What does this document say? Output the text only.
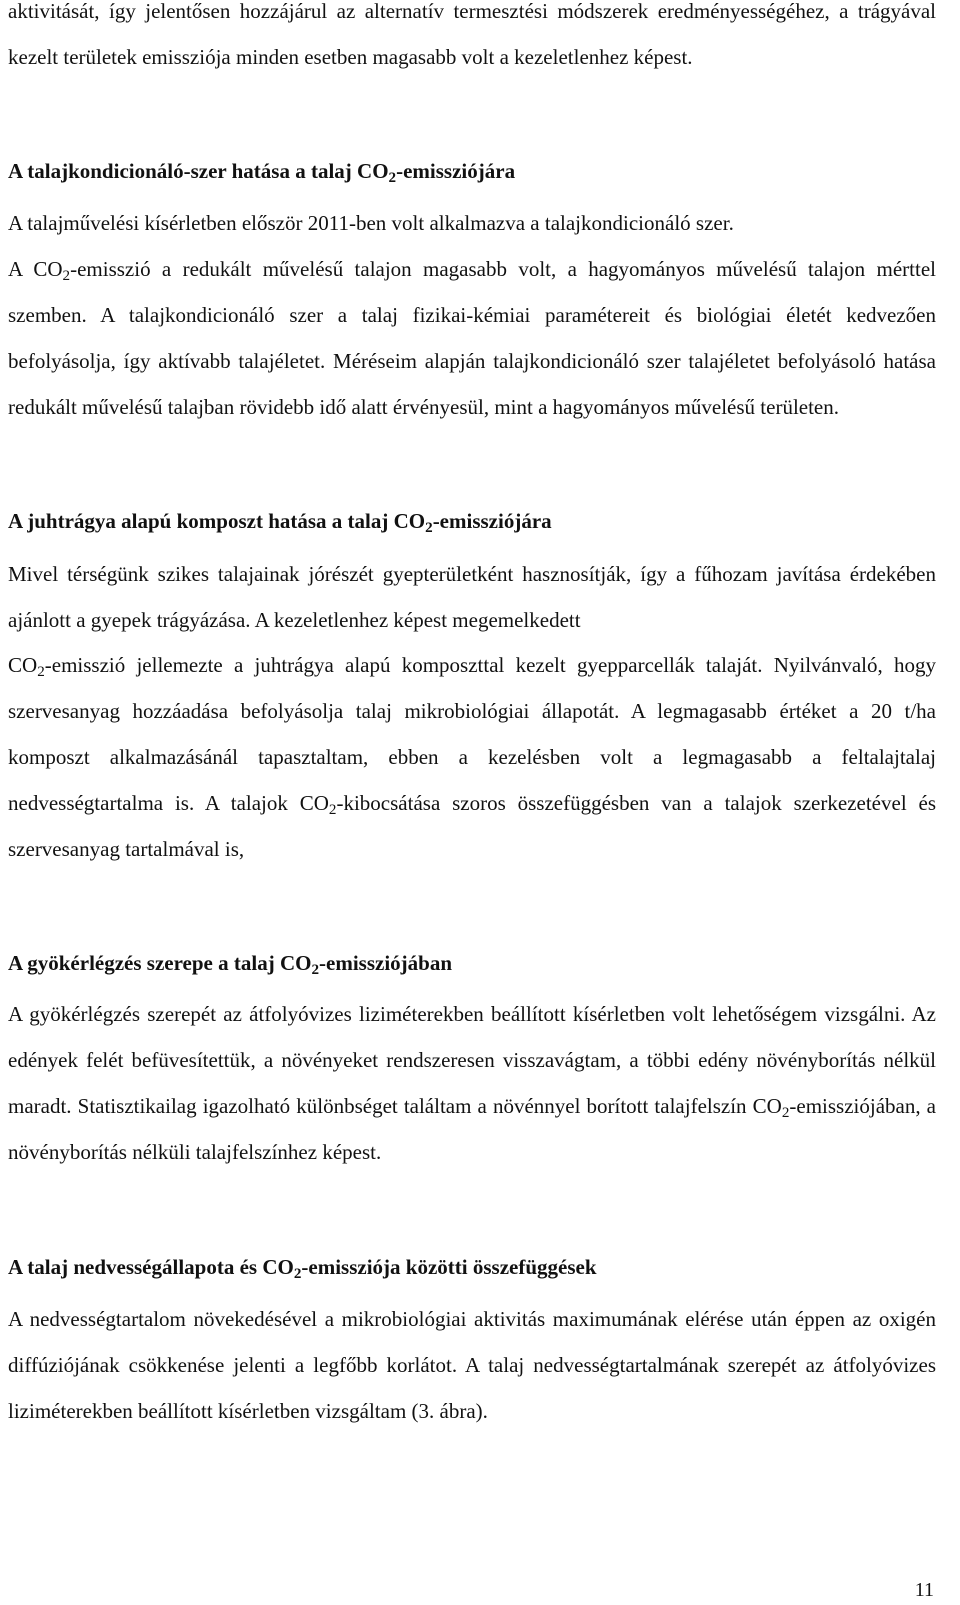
aktivitását, így jelentősen hozzájárul az alternatív termesztési módszerek eredményességéhez, a trágyával kezelt területek emissziója minden esetben magasabb volt a kezeletlenhez képest.

A talajkondicionáló-szer hatása a talaj $CO_2$-emissziójára

A talajművelési kísérletben először 2011-ben volt alkalmazva a talajkondicionáló szer.

A $CO_2$-emisszió a redukált művelésű talajon magasabb volt, a hagyományos művelésű talajon mérttel szemben. A talajkondicionáló szer a talaj fizikai-kémiai paramétereit és biológiai életét kedvezően befolyásolja, így aktívabb talajéletet. Méréseim alapján talajkondicionáló szer talajéletet befolyásoló hatása redukált művelésű talajban rövidebb idő alatt érvényesül, mint a hagyományos művelésű területen.

A juhtrágya alapú komposzt hatása a talaj $CO_2$-emissziójára

Mivel térségünk szikes talajainak jórészét gyepterületként hasznosítják, így a fűhozam javítása érdekében ajánlott a gyepek trágyázása. A kezeletlenhez képest megemelkedett

$CO_2$-emisszió jellemezte a juhtrágya alapú komposzttal kezelt gyepparcellák talaját. Nyilvánvaló, hogy szervesanyag hozzáadása befolyásolja talaj mikrobiológiai állapotát. A legmagasabb értéket a 20 t/ha komposzt alkalmazásánál tapasztaltam, ebben a kezelésben volt a legmagasabb a feltalajtalaj nedvességtartalma is. A talajok $CO_2$-kibocsátása szoros összefüggésben van a talajok szerkezetével és szervesanyag tartalmával is,

A gyökérlégzés szerepe a talaj $CO_2$-emissziójában

A gyökérlégzés szerepét az átfolyóvizes liziméterekben beállított kísérletben volt lehetőségem vizsgálni. Az edények felét befüvesítettük, a növényeket rendszeresen visszavágtam, a többi edény növényborítás nélkül maradt. Statisztikailag igazolható különbséget találtam a növénnyel borított talajfelszín $CO_2$-emissziójában, a növényborítás nélküli talajfelszínhez képest.

A talaj nedvességállapota és $CO_2$-emissziója közötti összefüggések

A nedvességtartalom növekedésével a mikrobiológiai aktivitás maximumának elérése után éppen az oxigén diffúziójának csökkenése jelenti a legfőbb korlátot. A talaj nedvességtartalmának szerepét az átfolyóvizes liziméterekben beállított kísérletben vizsgáltam (3. ábra).

11
